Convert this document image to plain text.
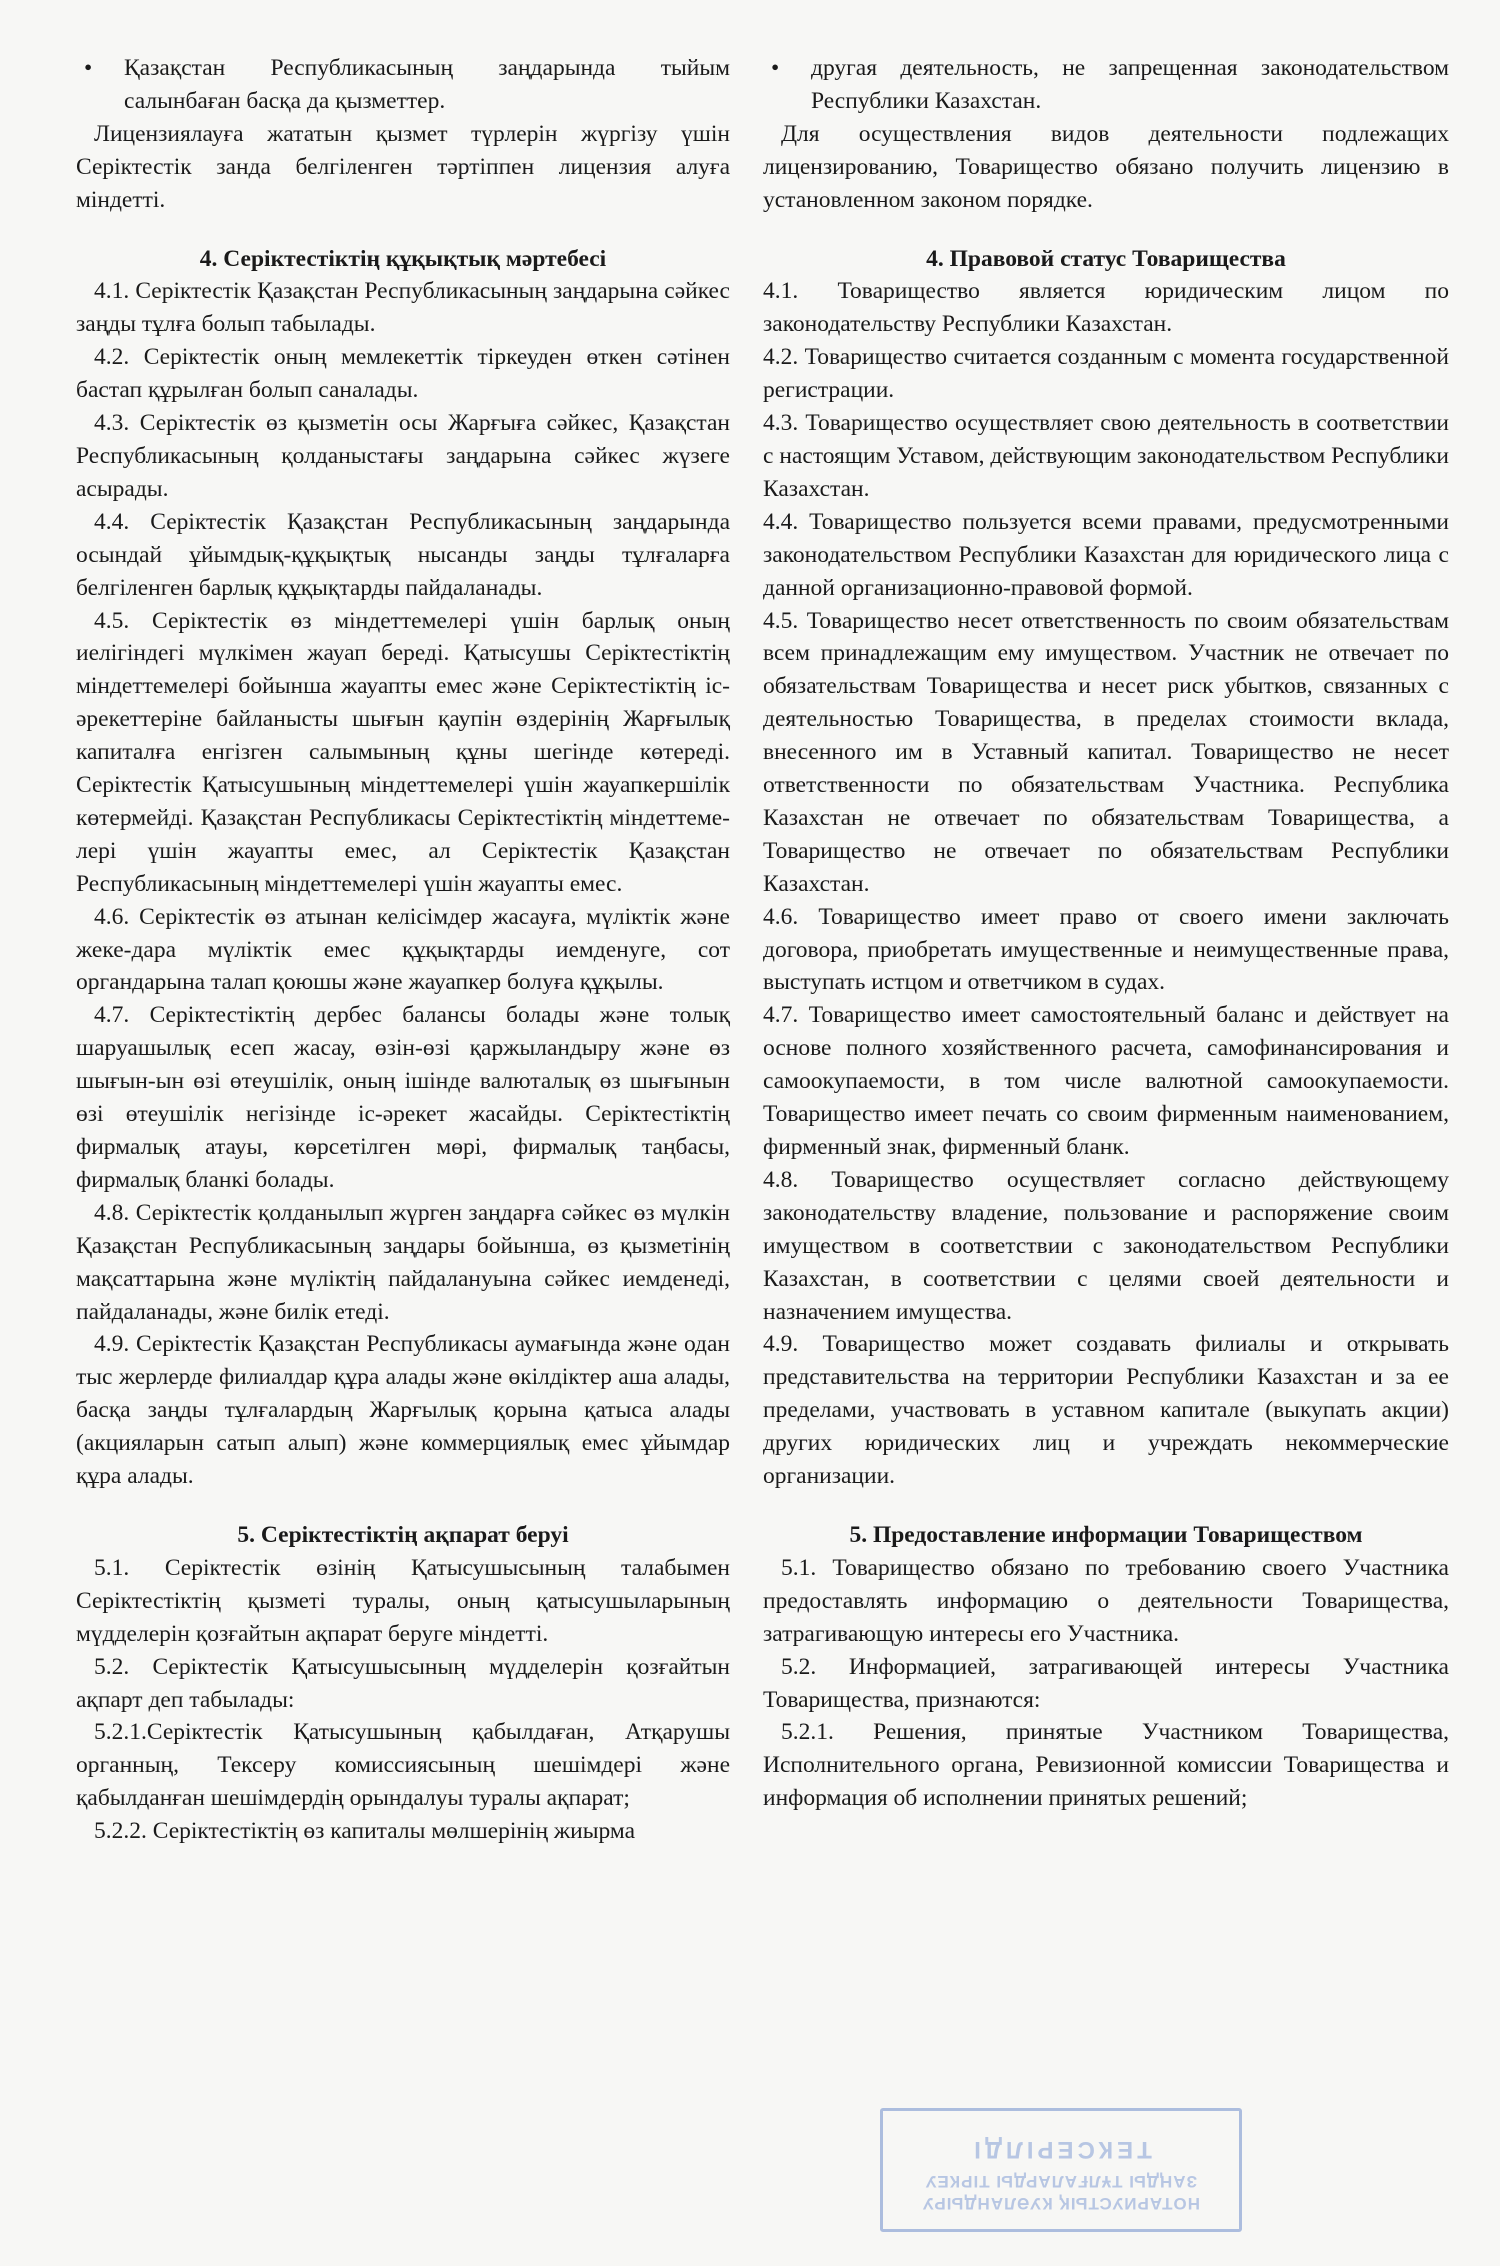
• Қазақстан Республикасының заңдарында тыйым салынбаған басқа да қызметтер.

Лицензиялауға жататын қызмет түрлерін жүргізу үшін Серіктестік занда белгіленген тәртіппен лицензия алуға міндетті.

4. Серіктестіктің құқықтық мәртебесі

4.1. Серіктестік Қазақстан Республикасының заңдарына сәйкес заңды тұлға болып табылады.

4.2. Серіктестік оның мемлекеттік тіркеуден өткен сәтінен бастап құрылған болып саналады.

4.3. Серіктестік өз қызметін осы Жарғыға сәйкес, Қазақстан Республикасының қолданыстағы заңдарына сәйкес жүзеге асырады.

4.4. Серіктестік Қазақстан Республикасының заңдарында осындай ұйымдық-құқықтық нысанды заңды тұлғаларға белгіленген барлық құқықтарды пайдаланады.

4.5. Серіктестік өз міндеттемелері үшін барлық оның иелігіндегі мүлкімен жауап береді. Қатысушы Серіктестіктің міндеттемелері бойынша жауапты емес және Серіктестіктің іс-әрекеттеріне байланысты шығын қаупін өздерінің Жарғылық капиталға енгізген салымының құны шегінде көтереді. Серіктестік Қатысушының міндеттемелері үшін жауапкершілік көтермейді. Қазақстан Республикасы Серіктестіктің міндеттеме-лері үшін жауапты емес, ал Серіктестік Қазақстан Республикасының міндеттемелері үшін жауапты емес.

4.6. Серіктестік өз атынан келісімдер жасауға, мүліктік және жеке-дара мүліктік емес құқықтарды иемденуге, сот органдарына талап қоюшы және жауапкер болуға құқылы.

4.7. Серіктестіктің дербес балансы болады және толық шаруашылық есеп жасау, өзін-өзі қаржыландыру және өз шығын-ын өзі өтеушілік, оның ішінде валюталық өз шығынын өзі өтеушілік негізінде іс-әрекет жасайды. Серіктестіктің фирмалық атауы, көрсетілген мөрі, фирмалық таңбасы, фирмалық бланкі болады.

4.8. Серіктестік қолданылып жүрген заңдарға сәйкес өз мүлкін Қазақстан Республикасының заңдары бойынша, өз қызметінің мақсаттарына және мүліктің пайдалануына сәйкес иемденеді, пайдаланады, және билік етеді.

4.9. Серіктестік Қазақстан Республикасы аумағында және одан тыс жерлерде филиалдар құра алады және өкілдіктер аша алады, басқа заңды тұлғалардың Жарғылық қорына қатыса алады (акцияларын сатып алып) және коммерциялық емес ұйымдар құра алады.

5. Серіктестіктің ақпарат беруі

5.1. Серіктестік өзінің Қатысушысының талабымен Серіктестіктің қызметі туралы, оның қатысушыларының мүдделерін қозғайтын ақпарат беруге міндетті.

5.2. Серіктестік Қатысушысының мүдделерін қозғайтын ақпарт деп табылады:

5.2.1.Серіктестік Қатысушының қабылдаған, Атқарушы органның, Тексеру комиссиясының шешімдері және қабылданған шешімдердің орындалуы туралы ақпарат;

5.2.2. Серіктестіктің өз капиталы мөлшерінің жиырма

• другая деятельность, не запрещенная законодательством Республики Казахстан.

Для осуществления видов деятельности подлежащих лицензированию, Товарищество обязано получить лицензию в установленном законом порядке.

4. Правовой статус Товарищества

4.1. Товарищество является юридическим лицом по законодательству Республики Казахстан.

4.2. Товарищество считается созданным с момента государственной регистрации.

4.3. Товарищество осуществляет свою деятельность в соответствии с настоящим Уставом, действующим законодательством Республики Казахстан.

4.4. Товарищество пользуется всеми правами, предусмотренными законодательством Республики Казахстан для юридического лица с данной организационно-правовой формой.

4.5. Товарищество несет ответственность по своим обязательствам всем принадлежащим ему имуществом. Участник не отвечает по обязательствам Товарищества и несет риск убытков, связанных с деятельностью Товарищества, в пределах стоимости вклада, внесенного им в Уставный капитал. Товарищество не несет ответственности по обязательствам Участника. Республика Казахстан не отвечает по обязательствам Товарищества, а Товарищество не отвечает по обязательствам Республики Казахстан.

4.6. Товарищество имеет право от своего имени заключать договора, приобретать имущественные и неимущественные права, выступать истцом и ответчиком в судах.

4.7. Товарищество имеет самостоятельный баланс и действует на основе полного хозяйственного расчета, самофинансирования и самоокупаемости, в том числе валютной самоокупаемости. Товарищество имеет печать со своим фирменным наименованием, фирменный знак, фирменный бланк.

4.8. Товарищество осуществляет согласно действующему законодательству владение, пользование и распоряжение своим имуществом в соответствии с законодательством Республики Казахстан, в соответствии с целями своей деятельности и назначением имущества.

4.9. Товарищество может создавать филиалы и открывать представительства на территории Республики Казахстан и за ее пределами, участвовать в уставном капитале (выкупать акции) других юридических лиц и учреждать некоммерческие организации.

5. Предоставление информации Товариществом

5.1. Товарищество обязано по требованию своего Участника предоставлять информацию о деятельности Товарищества, затрагивающую интересы его Участника.

5.2. Информацией, затрагивающей интересы Участника Товарищества, признаются:

5.2.1. Решения, принятые Участником Товарищества, Исполнительного органа, Ревизионной комиссии Товарищества и информация об исполнении принятых решений;

НОТАРИУСТЫҚ КУӘЛАНДЫРУ
ЗАҢДЫ ТҰЛҒАЛАРДЫ ТІРКЕУ
ТЕКСЕРІЛДІ
